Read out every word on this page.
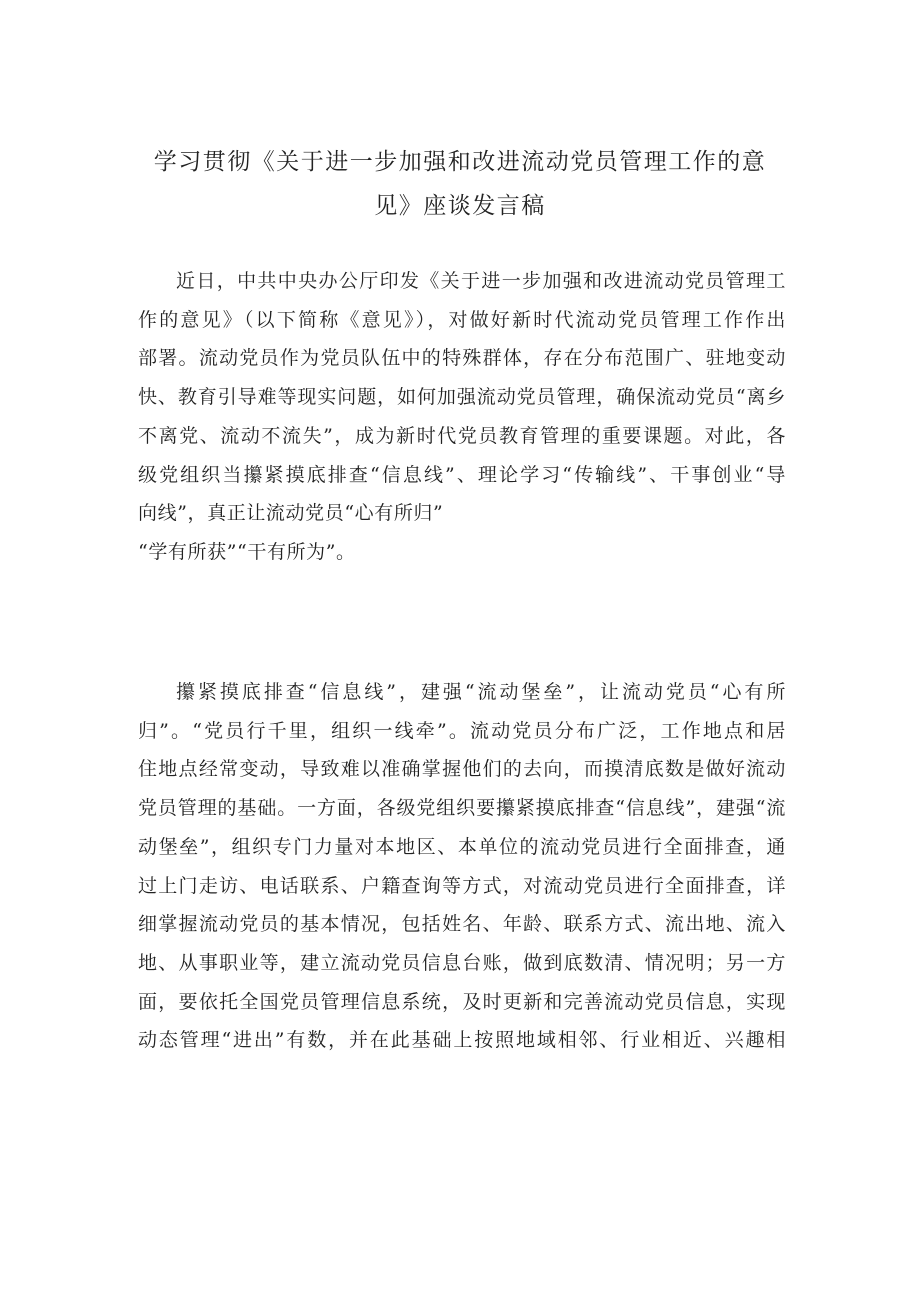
学习贯彻《关于进一步加强和改进流动党员管理工作的意
见》座谈发言稿
近日，中共中央办公厅印发《关于进一步加强和改进流动党员管理工
作的意见》（以下简称《意见》），对做好新时代流动党员管理工作作出
部署。流动党员作为党员队伍中的特殊群体，存在分布范围广、驻地变动
快、教育引导难等现实问题，如何加强流动党员管理，确保流动党员“离乡
不离党、流动不流失”，成为新时代党员教育管理的重要课题。对此，各
级党组织当攥紧摸底排查“信息线”、理论学习“传输线”、干事创业“导
向线”，真正让流动党员“心有所归”
“学有所获”“干有所为”。
攥紧摸底排查“信息线”，建强“流动堡垒”，让流动党员“心有所
归”。“党员行千里，组织一线牵”。流动党员分布广泛，工作地点和居
住地点经常变动，导致难以准确掌握他们的去向，而摸清底数是做好流动
党员管理的基础。一方面，各级党组织要攥紧摸底排查“信息线”，建强“流
动堡垒”，组织专门力量对本地区、本单位的流动党员进行全面排查，通
过上门走访、电话联系、户籍查询等方式，对流动党员进行全面排查，详
细掌握流动党员的基本情况，包括姓名、年龄、联系方式、流出地、流入
地、从事职业等，建立流动党员信息台账，做到底数清、情况明；另一方
面，要依托全国党员管理信息系统，及时更新和完善流动党员信息，实现
动态管理“进出”有数，并在此基础上按照地域相邻、行业相近、兴趣相
